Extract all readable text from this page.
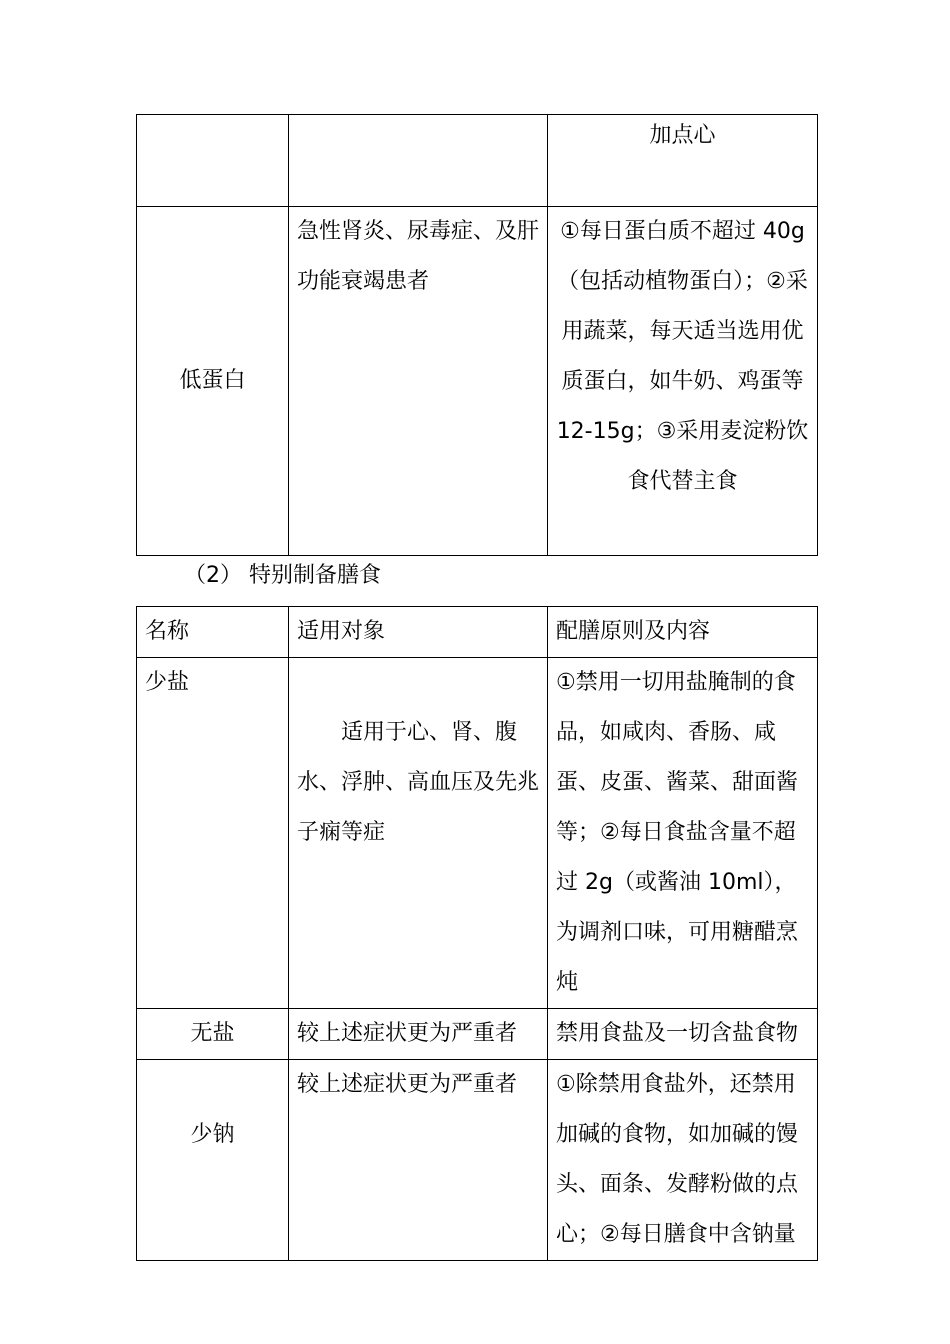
		加点心
低蛋白	急性肾炎、尿毒症、及肝功能衰竭患者	①每日蛋白质不超过 40g（包括动植物蛋白）；②采用蔬菜，每天适当选用优质蛋白，如牛奶、鸡蛋等 12-15g；③采用麦淀粉饮食代替主食
（2） 特别制备膳食
名称	适用对象	配膳原则及内容
少盐	适用于心、肾、腹水、浮肿、高血压及先兆子痫等症	①禁用一切用盐腌制的食品，如咸肉、香肠、咸蛋、皮蛋、酱菜、甜面酱等；②每日食盐含量不超过 2g（或酱油 10ml），为调剂口味，可用糖醋烹炖
无盐	较上述症状更为严重者	禁用食盐及一切含盐食物
少钠	较上述症状更为严重者	①除禁用食盐外，还禁用加碱的食物，如加碱的馒头、面条、发酵粉做的点心；②每日膳食中含钠量
